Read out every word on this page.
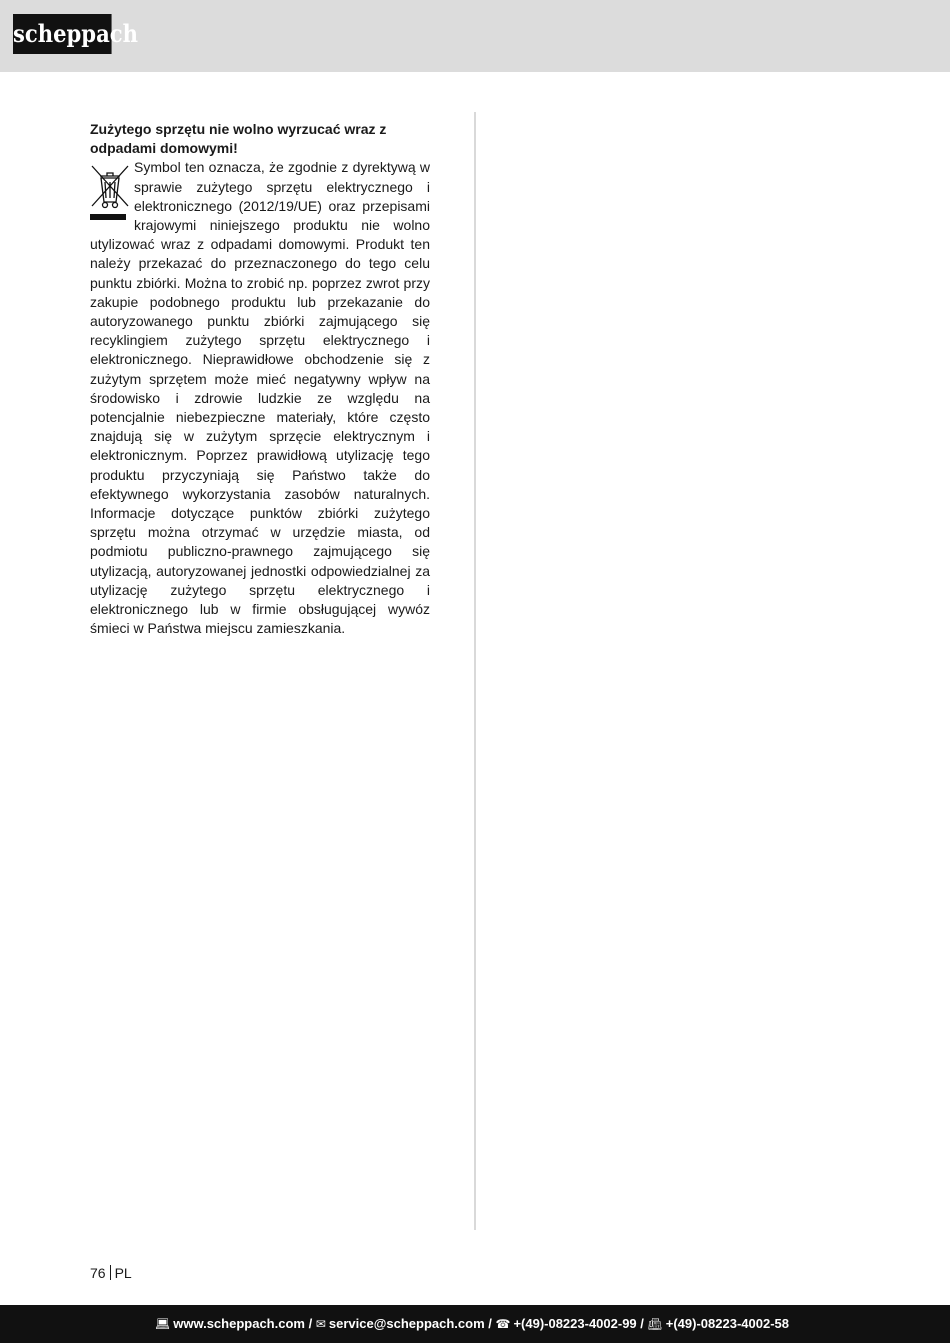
scheppach

Zużytego sprzętu nie wolno wyrzucać wraz z odpadami domowymi!

Symbol ten oznacza, że zgodnie z dyrektywą w sprawie zużytego sprzętu elektrycznego i elektronicznego (2012/19/UE) oraz przepisami krajowymi niniejszego produktu nie wolno utylizować wraz z odpadami domowymi. Produkt ten należy przekazać do przeznaczonego do tego celu punktu zbiórki. Można to zrobić np. poprzez zwrot przy zakupie podobnego produktu lub przekazanie do autoryzowanego punktu zbiórki zajmującego się recyklingiem zużytego sprzętu elektrycznego i elektronicznego. Nieprawidłowe obchodzenie się z zużytym sprzętem może mieć negatywny wpływ na środowisko i zdrowie ludzkie ze względu na potencjalnie niebezpieczne materiały, które często znajdują się w zużytym sprzęcie elektrycznym i elektronicznym. Poprzez prawidłową utylizację tego produktu przyczyniają się Państwo także do efektywnego wykorzystania zasobów naturalnych. Informacje dotyczące punktów zbiórki zużytego sprzętu można otrzymać w urzędzie miasta, od podmiotu publiczno-prawnego zajmującego się utylizacją, autoryzowanej jednostki odpowiedzialnej za utylizację zużytego sprzętu elektrycznego i elektronicznego lub w firmie obsługującej wywóz śmieci w Państwa miejscu zamieszkania.
76 PL
💻︎ www.scheppach.com / ✉︎ service@scheppach.com / ☎︎ +(49)-08223-4002-99 / 📠︎ +(49)-08223-4002-58
